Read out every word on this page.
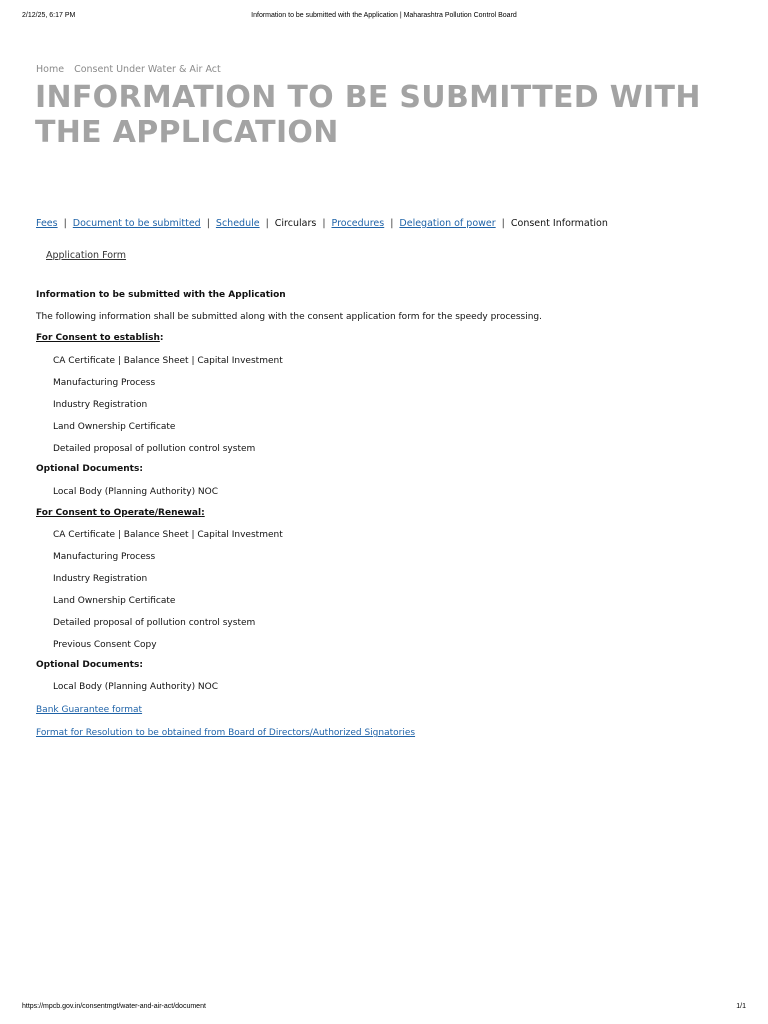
2/12/25, 6:17 PM	Information to be submitted with the Application | Maharashtra Pollution Control Board
Home Consent Under Water & Air Act
INFORMATION TO BE SUBMITTED WITH THE APPLICATION
Fees | Document to be submitted | Schedule | Circulars | Procedures | Delegation of power | Consent Information
Application Form

Information to be submitted with the Application

The following information shall be submitted along with the consent application form for the speedy processing.

For Consent to establish:

CA Certificate | Balance Sheet | Capital Investment

Manufacturing Process

Industry Registration

Land Ownership Certificate

Detailed proposal of pollution control system

Optional Documents:

Local Body (Planning Authority) NOC

For Consent to Operate/Renewal:

CA Certificate | Balance Sheet | Capital Investment

Manufacturing Process

Industry Registration

Land Ownership Certificate

Detailed proposal of pollution control system

Previous Consent Copy

Optional Documents:

Local Body (Planning Authority) NOC

Bank Guarantee format

Format for Resolution to be obtained from Board of Directors/Authorized Signatories

https://mpcb.gov.in/consentmgt/water-and-air-act/document	1/1
